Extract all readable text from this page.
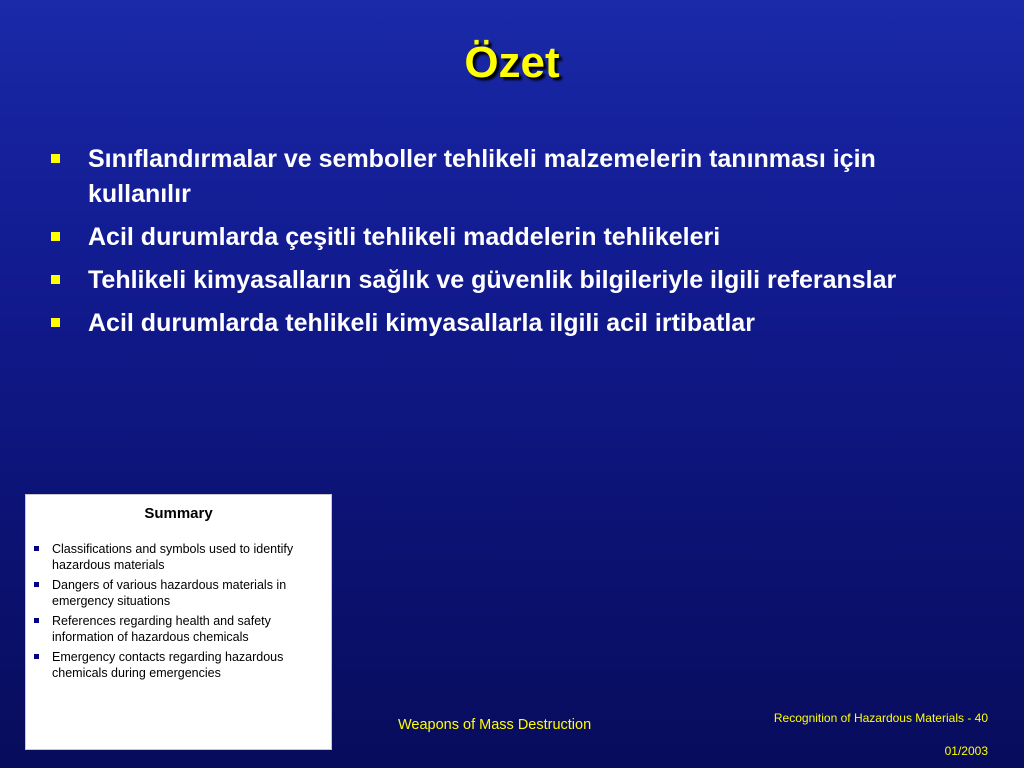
Özet
Sınıflandırmalar ve semboller tehlikeli malzemelerin tanınması için kullanılır
Acil durumlarda çeşitli tehlikeli maddelerin tehlikeleri
Tehlikeli kimyasalların sağlık ve güvenlik bilgileriyle ilgili referanslar
Acil durumlarda tehlikeli kimyasallarla ilgili acil irtibatlar
Summary
Classifications and symbols used to identify hazardous materials
Dangers of various hazardous materials in emergency situations
References regarding health and safety information of hazardous chemicals
Emergency contacts regarding hazardous chemicals during emergencies
Weapons of Mass Destruction	Recognition of Hazardous Materials - 40
01/2003
